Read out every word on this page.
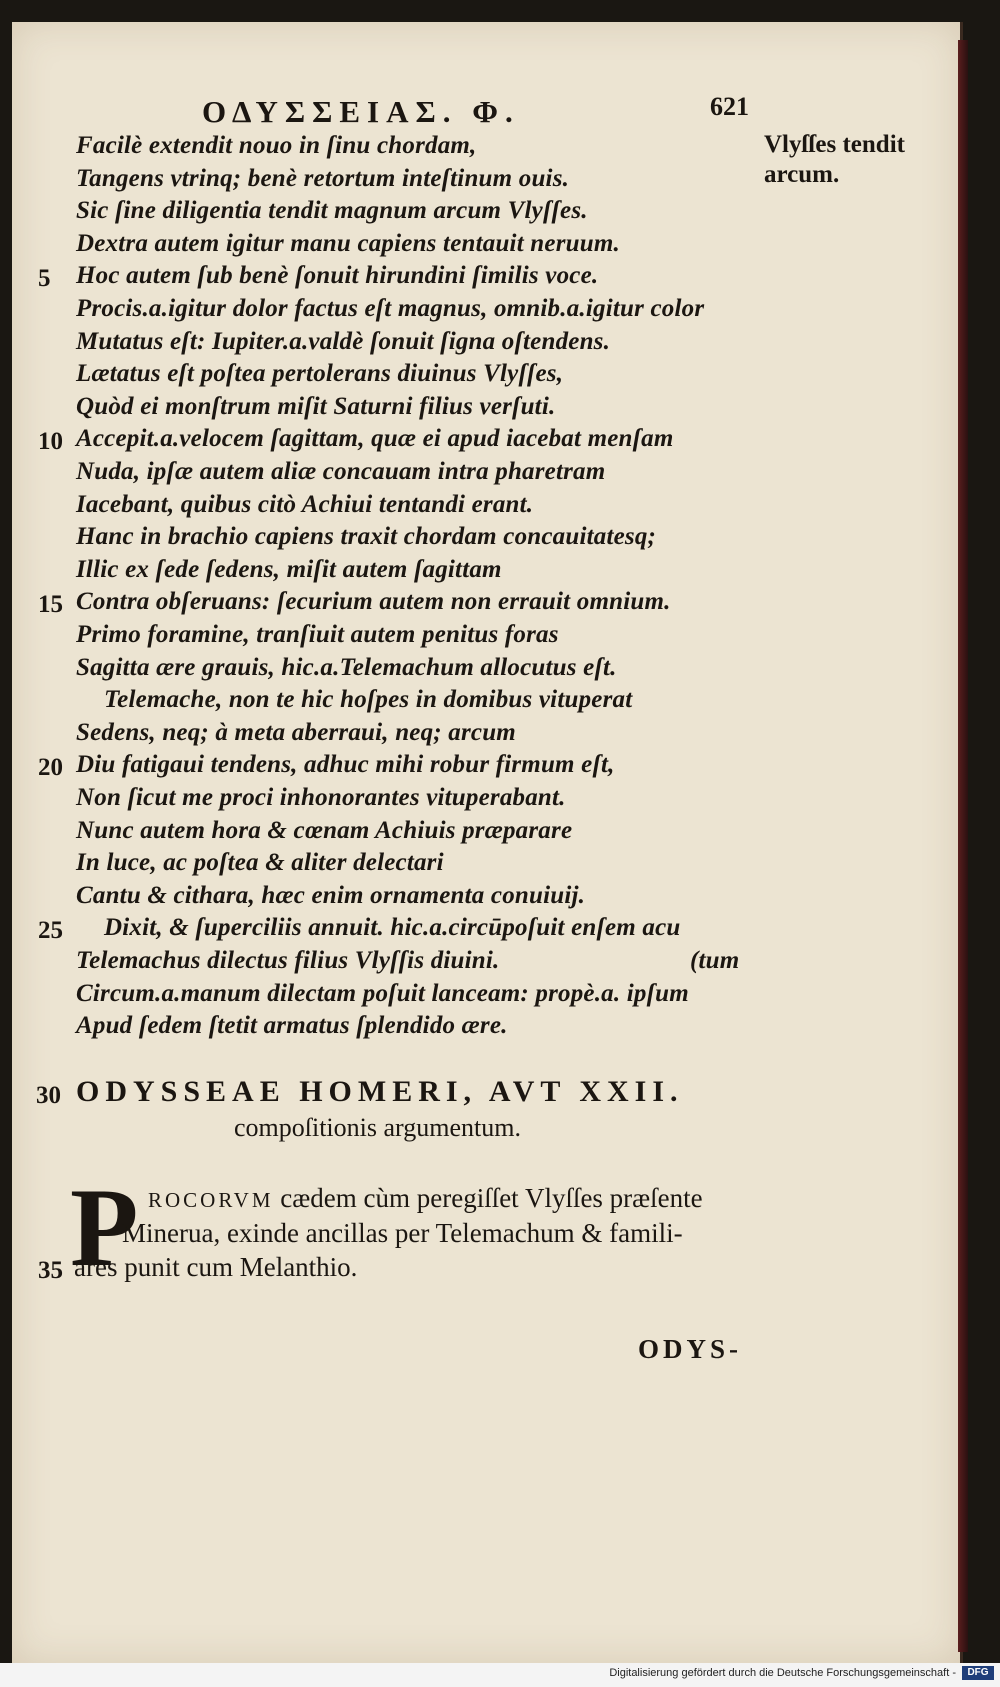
ΟΔΥΣΣΕΙΑΣ. Φ.	621
Vlyſſes tendit
arcum.
Facilè extendit nouo in ſinu chordam,
Tangens vtrinq; benè retortum inteſtinum ouis.
Sic ſine diligentia tendit magnum arcum Vlyſſes.
Dextra autem igitur manu capiens tentauit neruum.
Hoc autem ſub benè ſonuit hirundini ſimilis voce.
5
Procis.a.igitur dolor factus eſt magnus, omnib.a.igitur color
Mutatus eſt: Iupiter.a.valdè ſonuit ſigna oſtendens.
Lætatus eſt poſtea pertolerans diuinus Vlyſſes,
Quòd ei monſtrum miſit Saturni filius verſuti.
Accepit.a.velocem ſagittam, quæ ei apud iacebat menſam
10
Nuda, ipſæ autem aliæ concauam intra pharetram
Iacebant, quibus citò Achiui tentandi erant.
Hanc in brachio capiens traxit chordam concauitatesq;
Illic ex ſede ſedens, miſit autem ſagittam
Contra obſeruans: ſecurium autem non errauit omnium.
15
Primo foramine, tranſiuit autem penitus foras
Sagitta ære grauis, hic.a.Telemachum allocutus eſt.
Telemache, non te hic hoſpes in domibus vituperat
Sedens, neq; à meta aberraui, neq; arcum
Diu fatigaui tendens, adhuc mihi robur firmum eſt,
20
Non ſicut me proci inhonorantes vituperabant.
Nunc autem hora & cœnam Achiuis præparare
In luce, ac poſtea & aliter delectari
Cantu & cithara, hæc enim ornamenta conuiuij.
Dixit, & ſuperciliis annuit. hic.a.circūpoſuit enſem acu
25
Telemachus dilectus filius Vlyſſis diuini.	(tum
Circum.a.manum dilectam poſuit lanceam: propè.a. ipſum
Apud ſedem ſtetit armatus ſplendido ære.
30 ODYSSEAE HOMERI, AVT XXII.
compoſitionis argumentum.
P ROCORVM cædem cùm peregiſſet Vlyſſes præſente
Minerua, exinde ancillas per Telemachum & famili-
35 ares punit cum Melanthio.
ODYS-
Digitalisierung gefördert durch die Deutsche Forschungsgemeinschaft -	DFG
